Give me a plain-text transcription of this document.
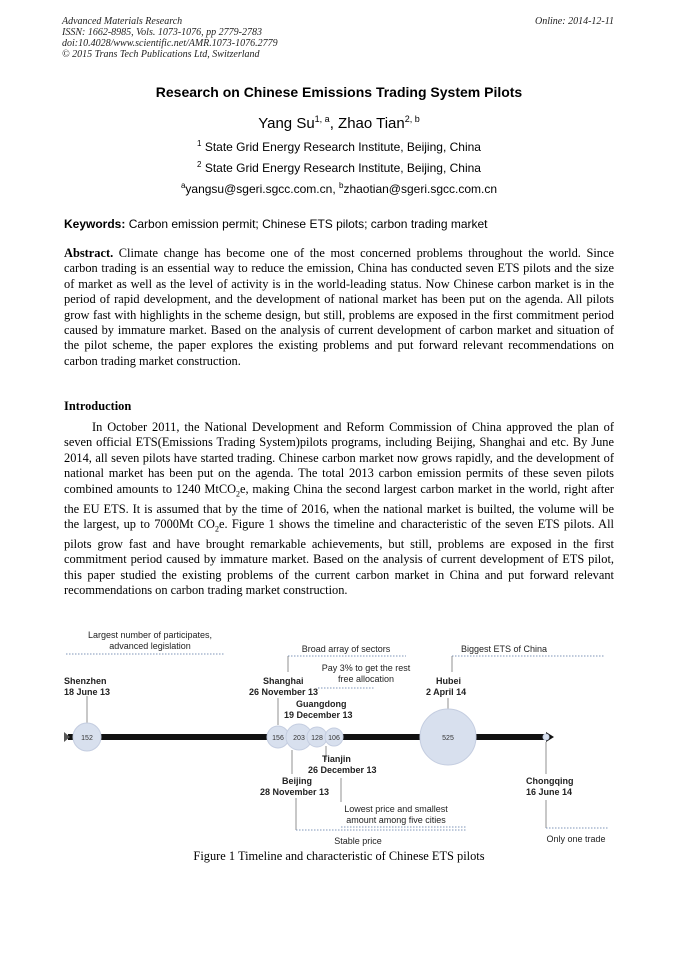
Advanced Materials Research
ISSN: 1662-8985, Vols. 1073-1076, pp 2779-2783
doi:10.4028/www.scientific.net/AMR.1073-1076.2779
© 2015 Trans Tech Publications Ltd, Switzerland
Online: 2014-12-11
Research on Chinese Emissions Trading System Pilots
Yang Su$^{1, a}$, Zhao Tian$^{2, b}$
$^1$ State Grid Energy Research Institute, Beijing, China
$^2$ State Grid Energy Research Institute, Beijing, China
$^a$yangsu@sgeri.sgcc.com.cn, $^b$zhaotian@sgeri.sgcc.com.cn
Keywords: Carbon emission permit; Chinese ETS pilots; carbon trading market
Abstract. Climate change has become one of the most concerned problems throughout the world. Since carbon trading is an essential way to reduce the emission, China has conducted seven ETS pilots and the size of market as well as the level of activity is in the world-leading status. Now Chinese carbon market is in the period of rapid development, and the development of national market has been put on the agenda. All pilots grow fast with highlights in the scheme design, but still, problems are exposed in the first commitment period caused by immature market. Based on the analysis of current development of carbon market and situation of the pilot scheme, the paper explores the existing problems and put forward relevant recommendations on carbon trading market construction.
Introduction
In October 2011, the National Development and Reform Commission of China approved the plan of seven official ETS(Emissions Trading System)pilots programs, including Beijing, Shanghai and etc. By June 2014, all seven pilots have started trading. Chinese carbon market now grows rapidly, and the development of national market has been put on the agenda. The total 2013 carbon emission permits of these seven pilots combined amounts to 1240 MtCO$_2$e, making China the second largest carbon market in the world, right after the EU ETS. It is assumed that by the time of 2016, when the national market is builted, the volume will be the largest, up to 7000Mt $CO_2e$. Figure 1 shows the timeline and characteristic of the seven ETS pilots. All pilots grow fast and have brought remarkable achievements, but still, problems are exposed in the first commitment period caused by immature market. Based on the analysis of current development of ETS pilot, this paper studied the existing problems of the current carbon market in China and put forward relevant recommendations on carbon trading market construction.
Largest number of participates,
advanced legislation
Shenzhen
18 June 13
152
Broad array of sectors
Shanghai
26 November 13
Pay 3% to get the rest
free allocation
Guangdong
19 December 13
156 203 128 106
Tianjin
26 December 13
Lowest price and smallest
amount among five cities
Beijing
28 November 13
Stable price
Biggest ETS of China
Hubei
2 April 14
525
Chongqing
16 June 14
Only one trade
Figure 1 Timeline and characteristic of Chinese ETS pilots
